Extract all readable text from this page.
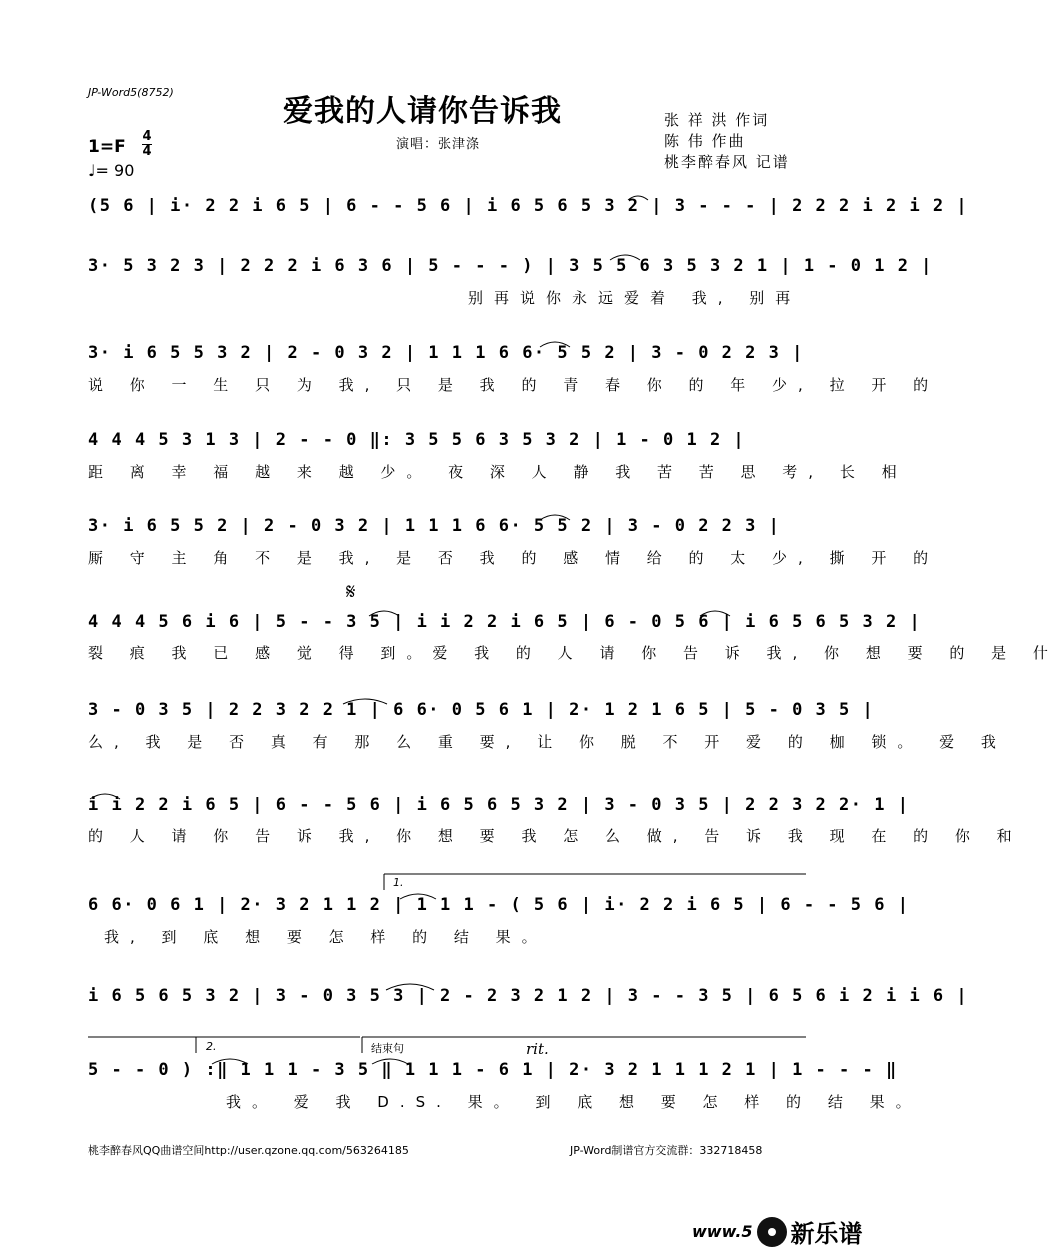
JP-Word5(8752)
爱我的人请你告诉我
演唱：张津涤
张 祥 洪 作词
陈 伟 作曲
桃李醉春风 记谱
1=F
4
4
♩= 90
(5 6 | i· 2 2 i 6 5 | 6 - - 5 6 | i 6 5 6 5 3 2 | 3 - - - | 2 2 2 i 2 i 2 |
3· 5 3 2 3 | 2 2 2 i 6 3 6 | 5 - - - ) | 3 5 5 6 3 5 3 2 1 | 1 - 0 1 2 |
别再说你永远爱着 我, 别再
3· i 6 5 5 3 2 | 2 - 0 3 2 | 1 1 1 6 6· 5 5 2 | 3 - 0 2 2 3 |
说 你 一 生 只 为 我, 只 是 我 的 青 春 你 的 年 少, 拉 开 的
4 4 4 5 3 1 3 | 2 - - 0 ‖: 3 5 5 6 3 5 3 2 | 1 - 0 1 2 |
距 离 幸 福 越 来 越 少。 夜 深 人 静 我 苦 苦 思 考, 长 相
3· i 6 5 5 2 | 2 - 0 3 2 | 1 1 1 6 6· 5 5 2 | 3 - 0 2 2 3 |
厮 守 主 角 不 是 我, 是 否 我 的 感 情 给 的 太 少, 撕 开 的
𝄋
4 4 4 5 6 i 6 | 5 - - 3 5 | i i 2 2 i 6 5 | 6 - 0 5 6 | i 6 5 6 5 3 2 |
裂 痕 我 已 感 觉 得 到。爱 我 的 人 请 你 告 诉 我, 你 想 要 的 是 什
3 - 0 3 5 | 2 2 3 2 2 1 | 6 6· 0 5 6 1 | 2· 1 2 1 6 5 | 5 - 0 3 5 |
么, 我 是 否 真 有 那 么 重 要, 让 你 脱 不 开 爱 的 枷 锁。 爱 我
i i 2 2 i 6 5 | 6 - - 5 6 | i 6 5 6 5 3 2 | 3 - 0 3 5 | 2 2 3 2 2· 1 |
的 人 请 你 告 诉 我, 你 想 要 我 怎 么 做, 告 诉 我 现 在 的 你 和
1.
6 6· 0 6 1 | 2· 3 2 1 1 2 | 1 1 1 - ( 5 6 | i· 2 2 i 6 5 | 6 - - 5 6 |
我, 到 底 想 要 怎 样 的 结 果。
i 6 5 6 5 3 2 | 3 - 0 3 5 3 | 2 - 2 3 2 1 2 | 3 - - 3 5 | 6 5 6 i 2 i i 6 |
2.	结束句	rit.
5 - - 0 ) :‖ 1 1 1 - 3 5 ‖ 1 1 1 - 6 1 | 2· 3 2 1 1 1 2 1 | 1 - - - ‖
我。 爱 我 D.S. 果。 到 底 想 要 怎 样 的 结 果。
桃李醉春风QQ曲谱空间http://user.qzone.qq.com/563264185	JP-Word制谱官方交流群：332718458
www.5 新乐谱
